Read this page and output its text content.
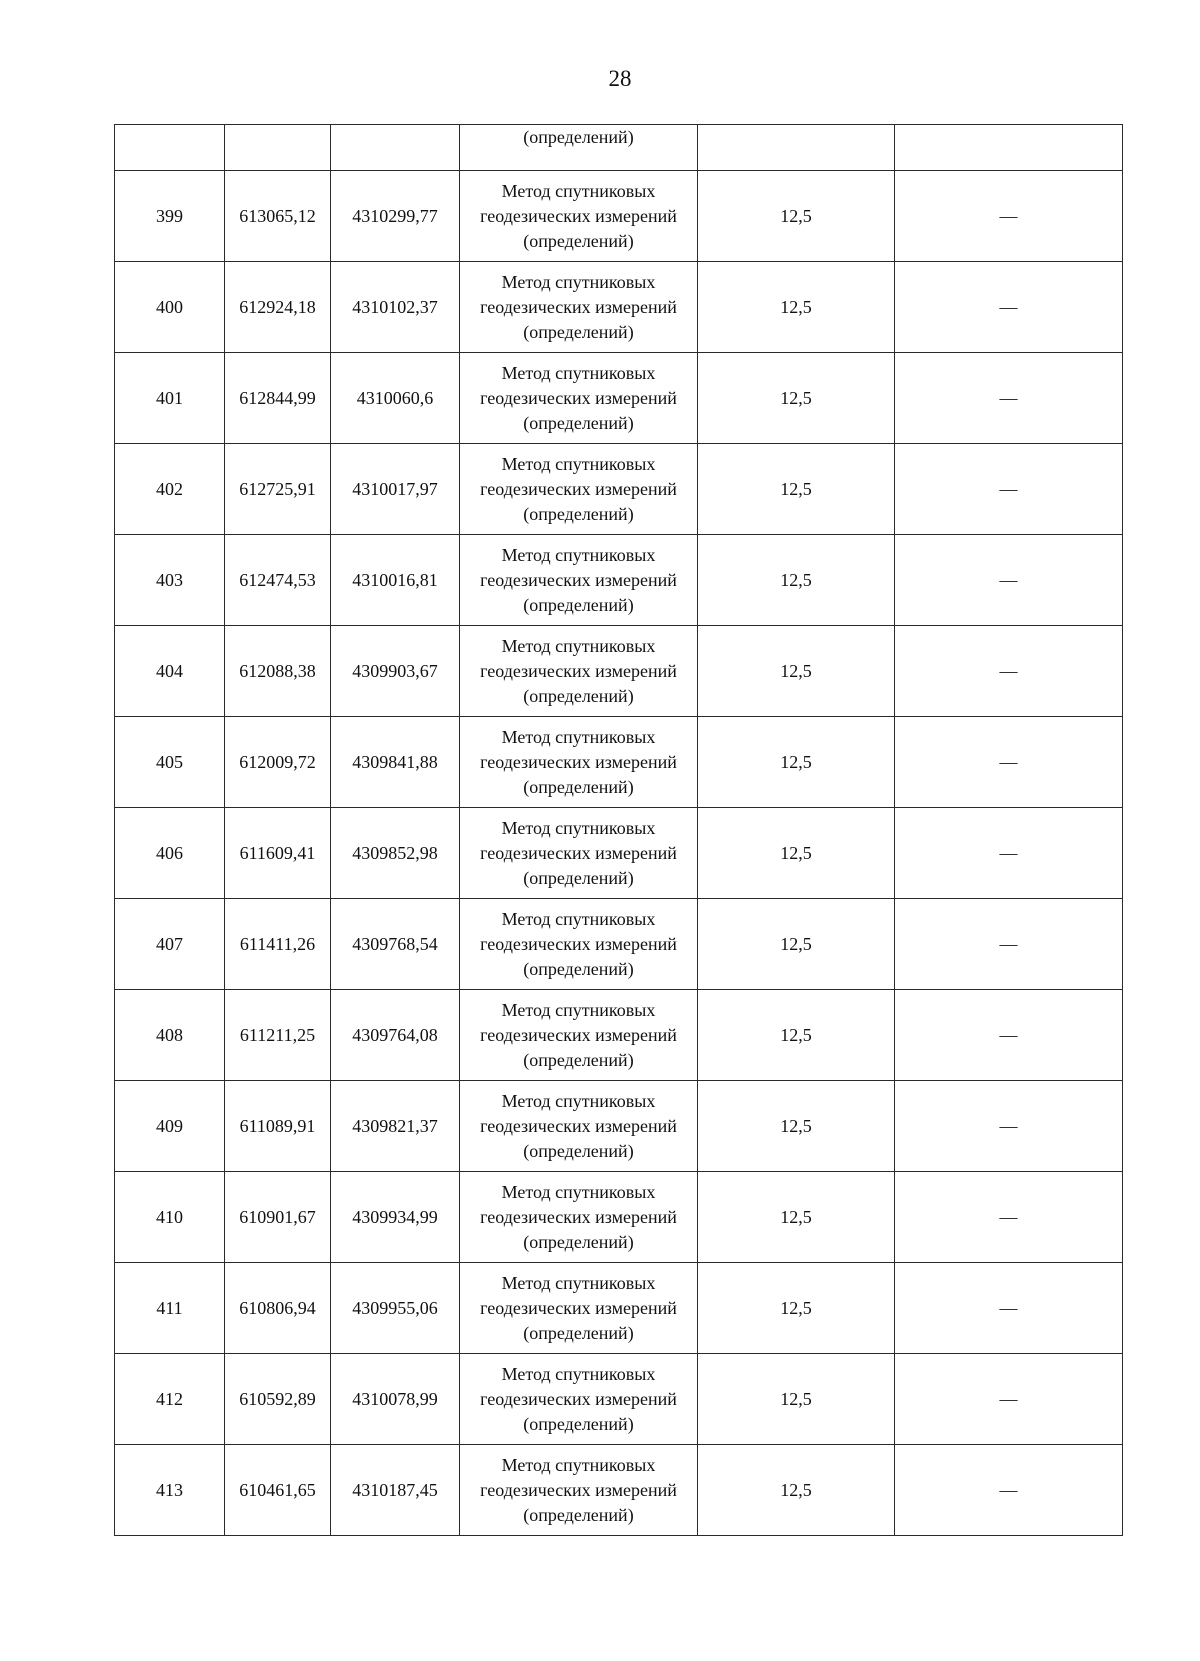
28
			(определений)		
399	613065,12	4310299,77	Метод спутниковых
геодезических измерений
(определений)	12,5	—
400	612924,18	4310102,37	Метод спутниковых
геодезических измерений
(определений)	12,5	—
401	612844,99	4310060,6	Метод спутниковых
геодезических измерений
(определений)	12,5	—
402	612725,91	4310017,97	Метод спутниковых
геодезических измерений
(определений)	12,5	—
403	612474,53	4310016,81	Метод спутниковых
геодезических измерений
(определений)	12,5	—
404	612088,38	4309903,67	Метод спутниковых
геодезических измерений
(определений)	12,5	—
405	612009,72	4309841,88	Метод спутниковых
геодезических измерений
(определений)	12,5	—
406	611609,41	4309852,98	Метод спутниковых
геодезических измерений
(определений)	12,5	—
407	611411,26	4309768,54	Метод спутниковых
геодезических измерений
(определений)	12,5	—
408	611211,25	4309764,08	Метод спутниковых
геодезических измерений
(определений)	12,5	—
409	611089,91	4309821,37	Метод спутниковых
геодезических измерений
(определений)	12,5	—
410	610901,67	4309934,99	Метод спутниковых
геодезических измерений
(определений)	12,5	—
411	610806,94	4309955,06	Метод спутниковых
геодезических измерений
(определений)	12,5	—
412	610592,89	4310078,99	Метод спутниковых
геодезических измерений
(определений)	12,5	—
413	610461,65	4310187,45	Метод спутниковых
геодезических измерений
(определений)	12,5	—
